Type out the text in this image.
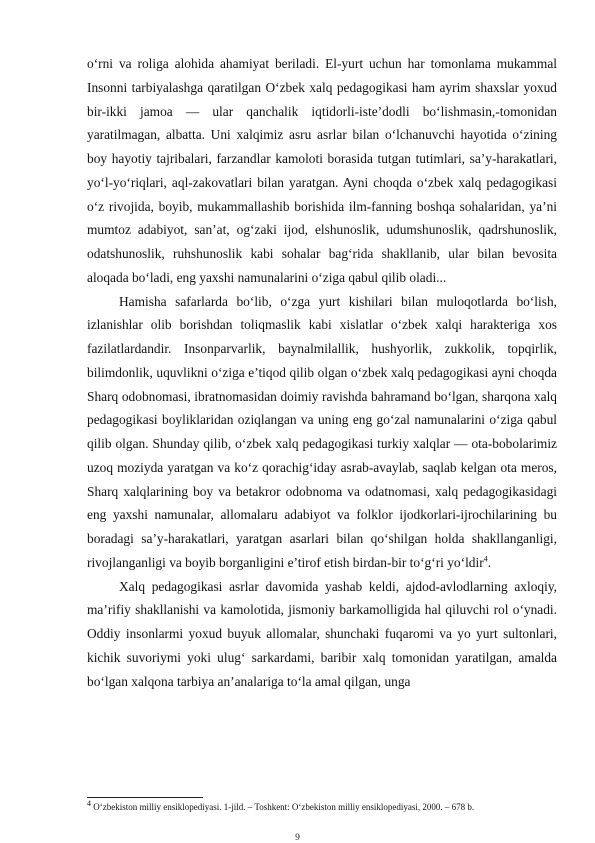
o‘rni va roliga alohida ahamiyat beriladi. El-yurt uchun har tomonlama mukammal Insonni tarbiyalashga qaratilgan O‘zbek xalq pedagogikasi ham ayrim shaxslar yoxud bir-ikki jamoa — ular qanchalik iqtidorli-iste’dodli bo‘lishmasin,-tomonidan yaratilmagan, albatta. Uni xalqimiz asru asrlar bilan o‘lchanuvchi hayotida o‘zining boy hayotiy tajribalari, farzandlar kamoloti borasida tutgan tutimlari, sa’y-harakatlari, yo‘l-yo‘riqlari, aql-zakovatlari bilan yaratgan. Ayni choqda o‘zbek xalq pedagogikasi o‘z rivojida, boyib, mukammallashib borishida ilm-fanning boshqa sohalaridan, ya’ni mumtoz adabiyot, san’at, og‘zaki ijod, elshunoslik, udumshunoslik, qadrshunoslik, odatshunoslik, ruhshunoslik kabi sohalar bag‘rida shakllanib, ular bilan bevosita aloqada bo‘ladi, eng yaxshi namunalarini o‘ziga qabul qilib oladi...

Hamisha safarlarda bo‘lib, o‘zga yurt kishilari bilan muloqotlarda bo‘lish, izlanishlar olib borishdan toliqmaslik kabi xislatlar o‘zbek xalqi harakteriga xos fazilatlardandir. Insonparvarlik, baynalmilallik, hushyorlik, zukkolik, topqirlik, bilimdonlik, uquvlikni o‘ziga e’tiqod qilib olgan o‘zbek xalq pedagogikasi ayni choqda Sharq odobnomasi, ibratnomasidan doimiy ravishda bahramand bo‘lgan, sharqona xalq pedagogikasi boyliklaridan oziqlangan va uning eng go‘zal namunalarini o‘ziga qabul qilib olgan. Shunday qilib, o‘zbek xalq pedagogikasi turkiy xalqlar — ota-bobolarimiz uzoq moziyda yaratgan va ko‘z qorachig‘iday asrab-avaylab, saqlab kelgan ota meros, Sharq xalqlarining boy va betakror odobnoma va odatnomasi, xalq pedagogikasidagi eng yaxshi namunalar, allomalaru adabiyot va folklor ijodkorlari-ijrochilarining bu boradagi sa’y-harakatlari, yaratgan asarlari bilan qo‘shilgan holda shakllanganligi, rivojlanganligi va boyib borganligini e’tirof etish birdan-bir to‘g‘ri yo‘ldir$^4$.

Xalq pedagogikasi asrlar davomida yashab keldi, ajdod-avlodlarning axloqiy, ma’rifiy shakllanishi va kamolotida, jismoniy barkamolligida hal qiluvchi rol o‘ynadi. Oddiy insonlarmi yoxud buyuk allomalar, shunchaki fuqaromi va yo yurt sultonlari, kichik suvoriymi yoki ulug‘ sarkardami, baribir xalq tomonidan yaratilgan, amalda bo‘lgan xalqona tarbiya an’analariga to‘la amal qilgan, unga

$^4$ O‘zbekiston milliy ensiklopediyasi. 1-jild. – Toshkent: O‘zbekiston milliy ensiklopediyasi, 2000. – 678 b.
9
